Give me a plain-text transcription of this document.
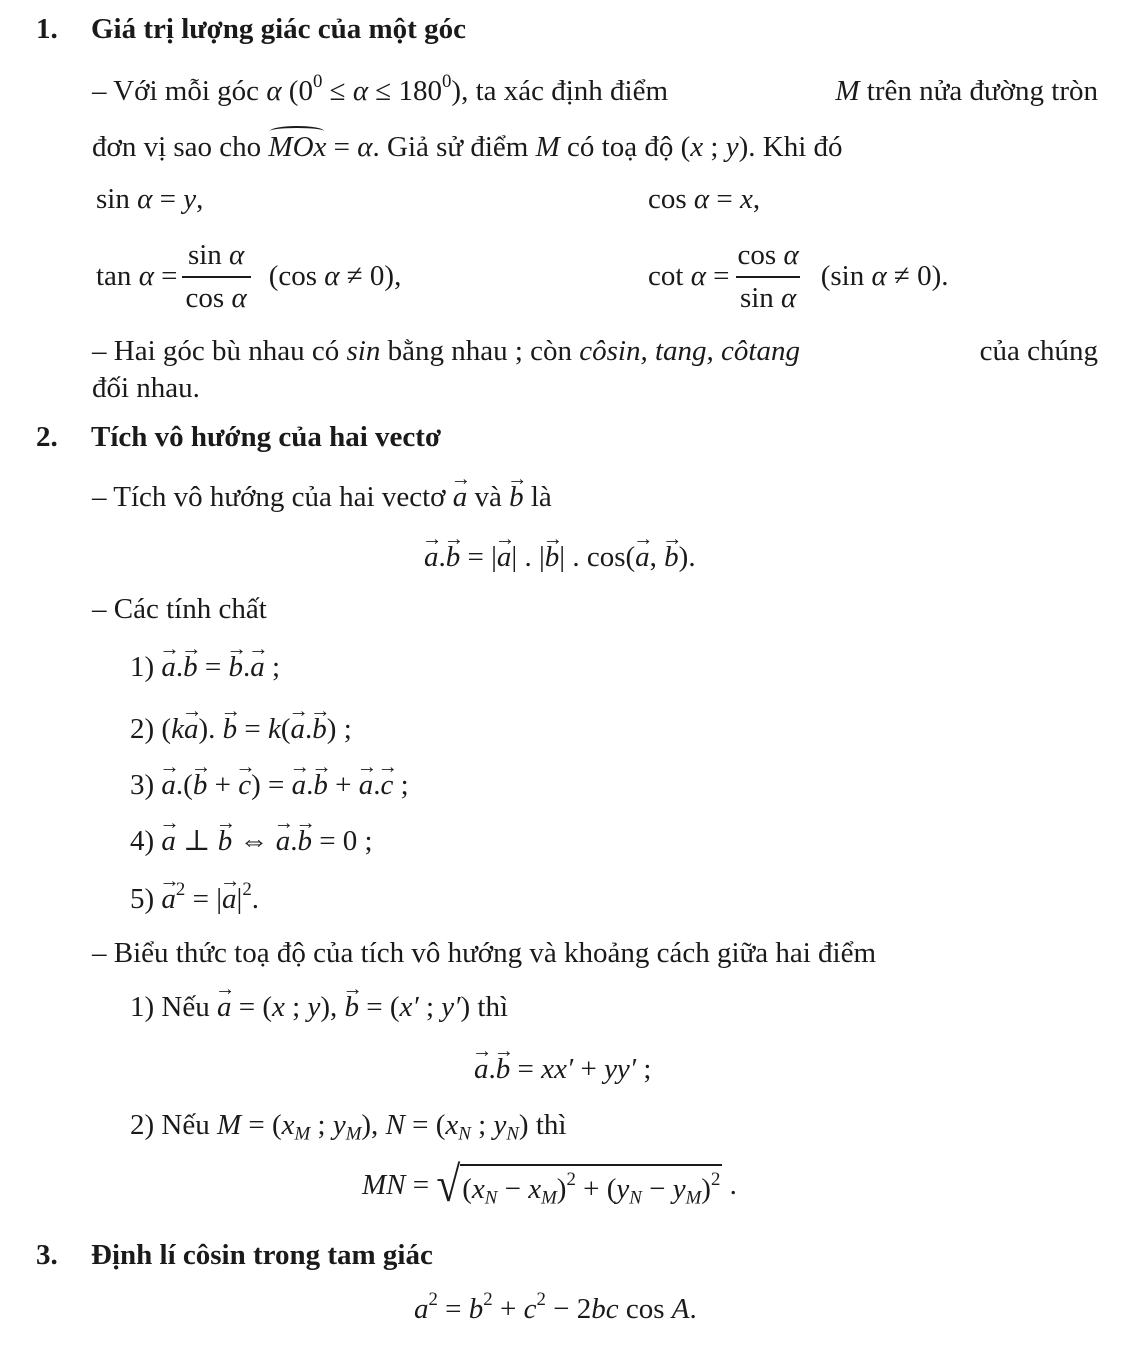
1. Giá trị lượng giác của một góc
– Với mỗi góc α $(0^0 \le \alpha \le 180^0)$, ta xác định điểm	M trên nửa đường tròn
đơn vị sao cho MOx = α. Giả sử điểm M có toạ độ (x ; y). Khi đó
sin α = y,	cos α = x,
$\tan \alpha = \frac{\text{sin α}}{\text{cos α}} (\cos$ α ≠ 0),	$\cot \alpha = \frac{\text{cos α}}{\text{sin α}} (\sin$ α ≠ 0).
– Hai góc bù nhau có sin bằng nhau ; còn côsin, tang, côtang	của chúng
đối nhau.
2. Tích vô hướng của hai vectơ
– Tích vô hướng của hai vectơ → a và → b là
→ a.→ b = |→ a| . |→ b| . cos(→ a, → b).
– Các tính chất
1) → a.→ b = → b.→ a ;
2) (k→ a). → b = k(→ a.→ b) ;
3) → a.(→ b + → c) = → a.→ b + → a.→ c ;
4) → a ⊥ → b ⇔ → a.→ b = 0 ;
$5) \to a^2$ = |→ $a|^2$.
– Biểu thức toạ độ của tích vô hướng và khoảng cách giữa hai điểm
1) Nếu → a = (x ; y), → b = (x′ ; y′) thì
→ a.→ b = xx′ + yy′ ;
2) Nếu $M = (x_M$ ; $y_M$), $N = (x_N$ ; $y_N$) thì
MN = √ $(x_N - x_M)^2 + (y_N - y_M)^2$ .
3. Định lí côsin trong tam giác
$a^2 = b^2 + c^2 - 2bc$ cos A.
